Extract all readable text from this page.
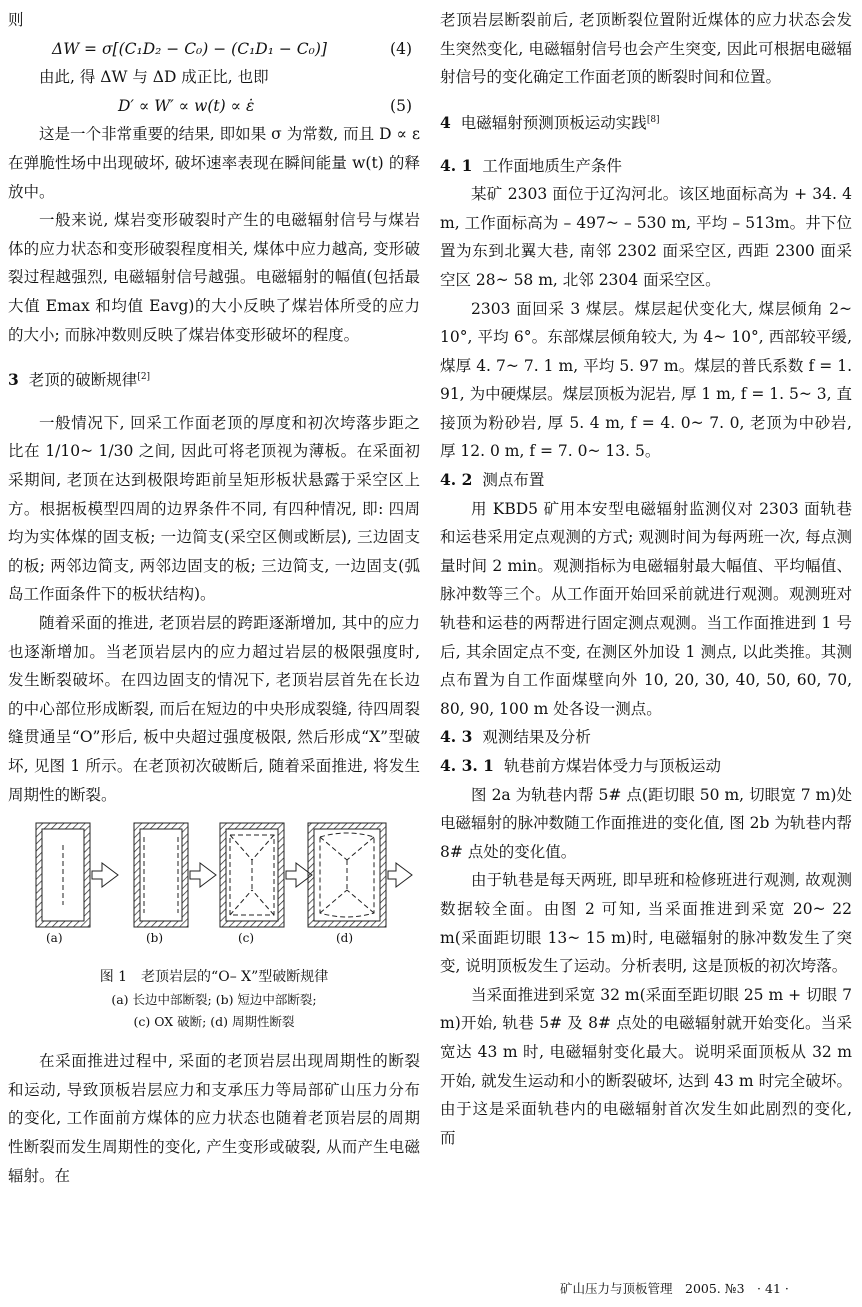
则

ΔW = σ[(C₁D₂ − C₀) − (C₁D₁ − C₀)]	(4)

由此, 得 ΔW 与 ΔD 成正比, 也即

D′ ∝ W′ ∝ w(t) ∝ ε̇	(5)

这是一个非常重要的结果, 即如果 σ 为常数, 而且 D ∝ ε 在弹脆性场中出现破坏, 破坏速率表现在瞬间能量 w(t) 的释放中。

一般来说, 煤岩变形破裂时产生的电磁辐射信号与煤岩体的应力状态和变形破裂程度相关, 煤体中应力越高, 变形破裂过程越强烈, 电磁辐射信号越强。电磁辐射的幅值(包括最大值 Emax 和均值 Eavg)的大小反映了煤岩体所受的应力的大小; 而脉冲数则反映了煤岩体变形破坏的程度。

3 老顶的破断规律[2]

一般情况下, 回采工作面老顶的厚度和初次垮落步距之比在 1/10~ 1/30 之间, 因此可将老顶视为薄板。在采面初采期间, 老顶在达到极限垮距前呈矩形板状悬露于采空区上方。根据板模型四周的边界条件不同, 有四种情况, 即: 四周均为实体煤的固支板; 一边简支(采空区侧或断层), 三边固支的板; 两邻边简支, 两邻边固支的板; 三边简支, 一边固支(弧岛工作面条件下的板状结构)。

随着采面的推进, 老顶岩层的跨距逐渐增加, 其中的应力也逐渐增加。当老顶岩层内的应力超过岩层的极限强度时, 发生断裂破坏。在四边固支的情况下, 老顶岩层首先在长边的中心部位形成断裂, 而后在短边的中央形成裂缝, 待四周裂缝贯通呈“O”形后, 板中央超过强度极限, 然后形成“X”型破坏, 见图 1 所示。在老顶初次破断后, 随着采面推进, 将发生周期性的断裂。

(a)	(b)	(c)	(d)
图 1　老顶岩层的“O– X”型破断规律
(a) 长边中部断裂; (b) 短边中部断裂;
(c) OX 破断; (d) 周期性断裂

在采面推进过程中, 采面的老顶岩层出现周期性的断裂和运动, 导致顶板岩层应力和支承压力等局部矿山压力分布的变化, 工作面前方煤体的应力状态也随着老顶岩层的周期性断裂而发生周期性的变化, 产生变形或破裂, 从而产生电磁辐射。在

老顶岩层断裂前后, 老顶断裂位置附近煤体的应力状态会发生突然变化, 电磁辐射信号也会产生突变, 因此可根据电磁辐射信号的变化确定工作面老顶的断裂时间和位置。

4 电磁辐射预测顶板运动实践[8]
4. 1 工作面地质生产条件

某矿 2303 面位于辽沟河北。该区地面标高为 + 34. 4 m, 工作面标高为 – 497~ – 530 m, 平均 – 513m。井下位置为东到北翼大巷, 南邻 2302 面采空区, 西距 2300 面采空区 28~ 58 m, 北邻 2304 面采空区。

2303 面回采 3 煤层。煤层起伏变化大, 煤层倾角 2~ 10°, 平均 6°。东部煤层倾角较大, 为 4~ 10°, 西部较平缓, 煤厚 4. 7~ 7. 1 m, 平均 5. 97 m。煤层的普氏系数 f = 1. 91, 为中硬煤层。煤层顶板为泥岩, 厚 1 m, f = 1. 5~ 3, 直接顶为粉砂岩, 厚 5. 4 m, f = 4. 0~ 7. 0, 老顶为中砂岩, 厚 12. 0 m, f = 7. 0~ 13. 5。

4. 2 测点布置

用 KBD5 矿用本安型电磁辐射监测仪对 2303 面轨巷和运巷采用定点观测的方式; 观测时间为每两班一次, 每点测量时间 2 min。观测指标为电磁辐射最大幅值、平均幅值、脉冲数等三个。从工作面开始回采前就进行观测。观测班对轨巷和运巷的两帮进行固定测点观测。当工作面推进到 1 号后, 其余固定点不变, 在测区外加设 1 测点, 以此类推。其测点布置为自工作面煤壁向外 10, 20, 30, 40, 50, 60, 70, 80, 90, 100 m 处各设一测点。

4. 3 观测结果及分析
4. 3. 1 轨巷前方煤岩体受力与顶板运动

图 2a 为轨巷内帮 5# 点(距切眼 50 m, 切眼宽 7 m)处电磁辐射的脉冲数随工作面推进的变化值, 图 2b 为轨巷内帮 8# 点处的变化值。

由于轨巷是每天两班, 即早班和检修班进行观测, 故观测数据较全面。由图 2 可知, 当采面推进到采宽 20~ 22 m(采面距切眼 13~ 15 m)时, 电磁辐射的脉冲数发生了突变, 说明顶板发生了运动。分析表明, 这是顶板的初次垮落。

当采面推进到采宽 32 m(采面至距切眼 25 m + 切眼 7 m)开始, 轨巷 5# 及 8# 点处的电磁辐射就开始变化。当采宽达 43 m 时, 电磁辐射变化最大。说明采面顶板从 32 m 开始, 就发生运动和小的断裂破坏, 达到 43 m 时完全破坏。由于这是采面轨巷内的电磁辐射首次发生如此剧烈的变化, 而

矿山压力与顶板管理　2005. №3　· 41 ·
